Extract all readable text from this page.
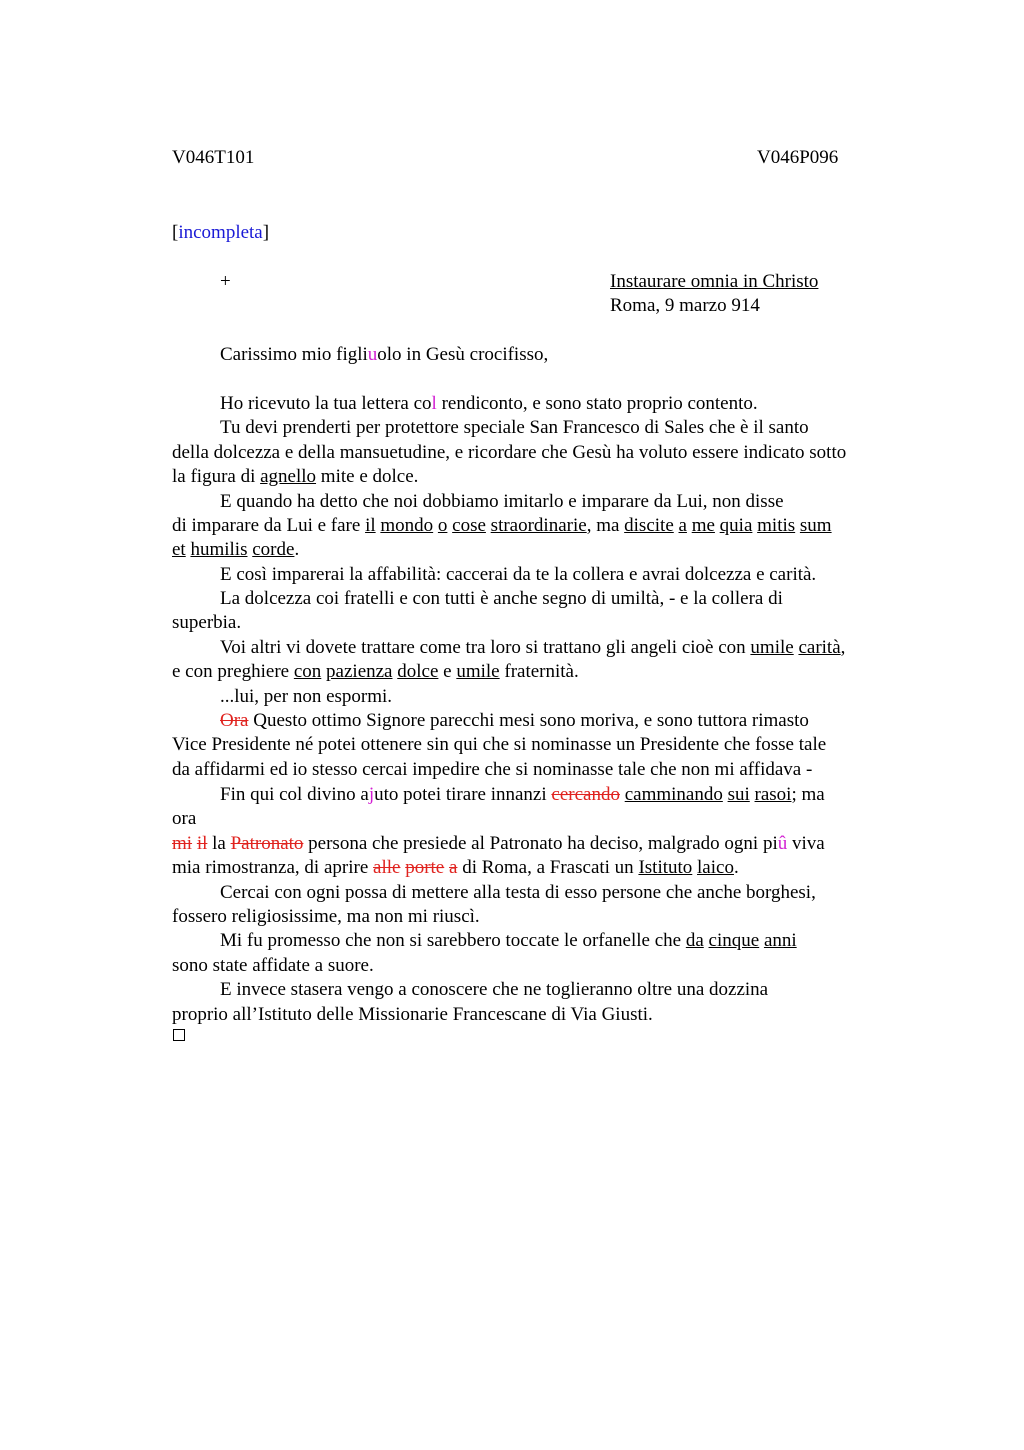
V046T101	V046P096
[incompleta]
+	Instaurare omnia in Christo
Roma, 9 marzo 914
Carissimo mio figliuolo in Gesù crocifisso,
Ho ricevuto la tua lettera col rendiconto, e sono stato proprio contento.
Tu devi prenderti per protettore speciale San Francesco di Sales che è il santo
della dolcezza e della mansuetudine, e ricordare che Gesù ha voluto essere indicato sotto
la figura di agnello mite e dolce.
E quando ha detto che noi dobbiamo imitarlo e imparare da Lui, non disse
di imparare da Lui e fare il mondo o cose straordinarie, ma discite a me quia mitis sum
et humilis corde.
E così imparerai la affabilità: caccerai da te la collera e avrai dolcezza e carità.
La dolcezza coi fratelli e con tutti è anche segno di umiltà, - e la collera di
superbia.
Voi altri vi dovete trattare come tra loro si trattano gli angeli cioè con umile carità,
e con preghiere con pazienza dolce e umile fraternità.
...lui, per non espormi.
Ora Questo ottimo Signore parecchi mesi sono moriva, e sono tuttora rimasto
Vice Presidente né potei ottenere sin qui che si nominasse un Presidente che fosse tale
da affidarmi ed io stesso cercai impedire che si nominasse tale che non mi affidava -
Fin qui col divino ajuto potei tirare innanzi cercando camminando sui rasoi; ma
ora
mi il la Patronato persona che presiede al Patronato ha deciso, malgrado ogni piû viva
mia rimostranza, di aprire alle porte a di Roma, a Frascati un Istituto laico.
Cercai con ogni possa di mettere alla testa di esso persone che anche borghesi,
fossero religiosissime, ma non mi riuscì.
Mi fu promesso che non si sarebbero toccate le orfanelle che da cinque anni
sono state affidate a suore.
E invece stasera vengo a conoscere che ne toglieranno oltre una dozzina
proprio all’Istituto delle Missionarie Francescane di Via Giusti.
